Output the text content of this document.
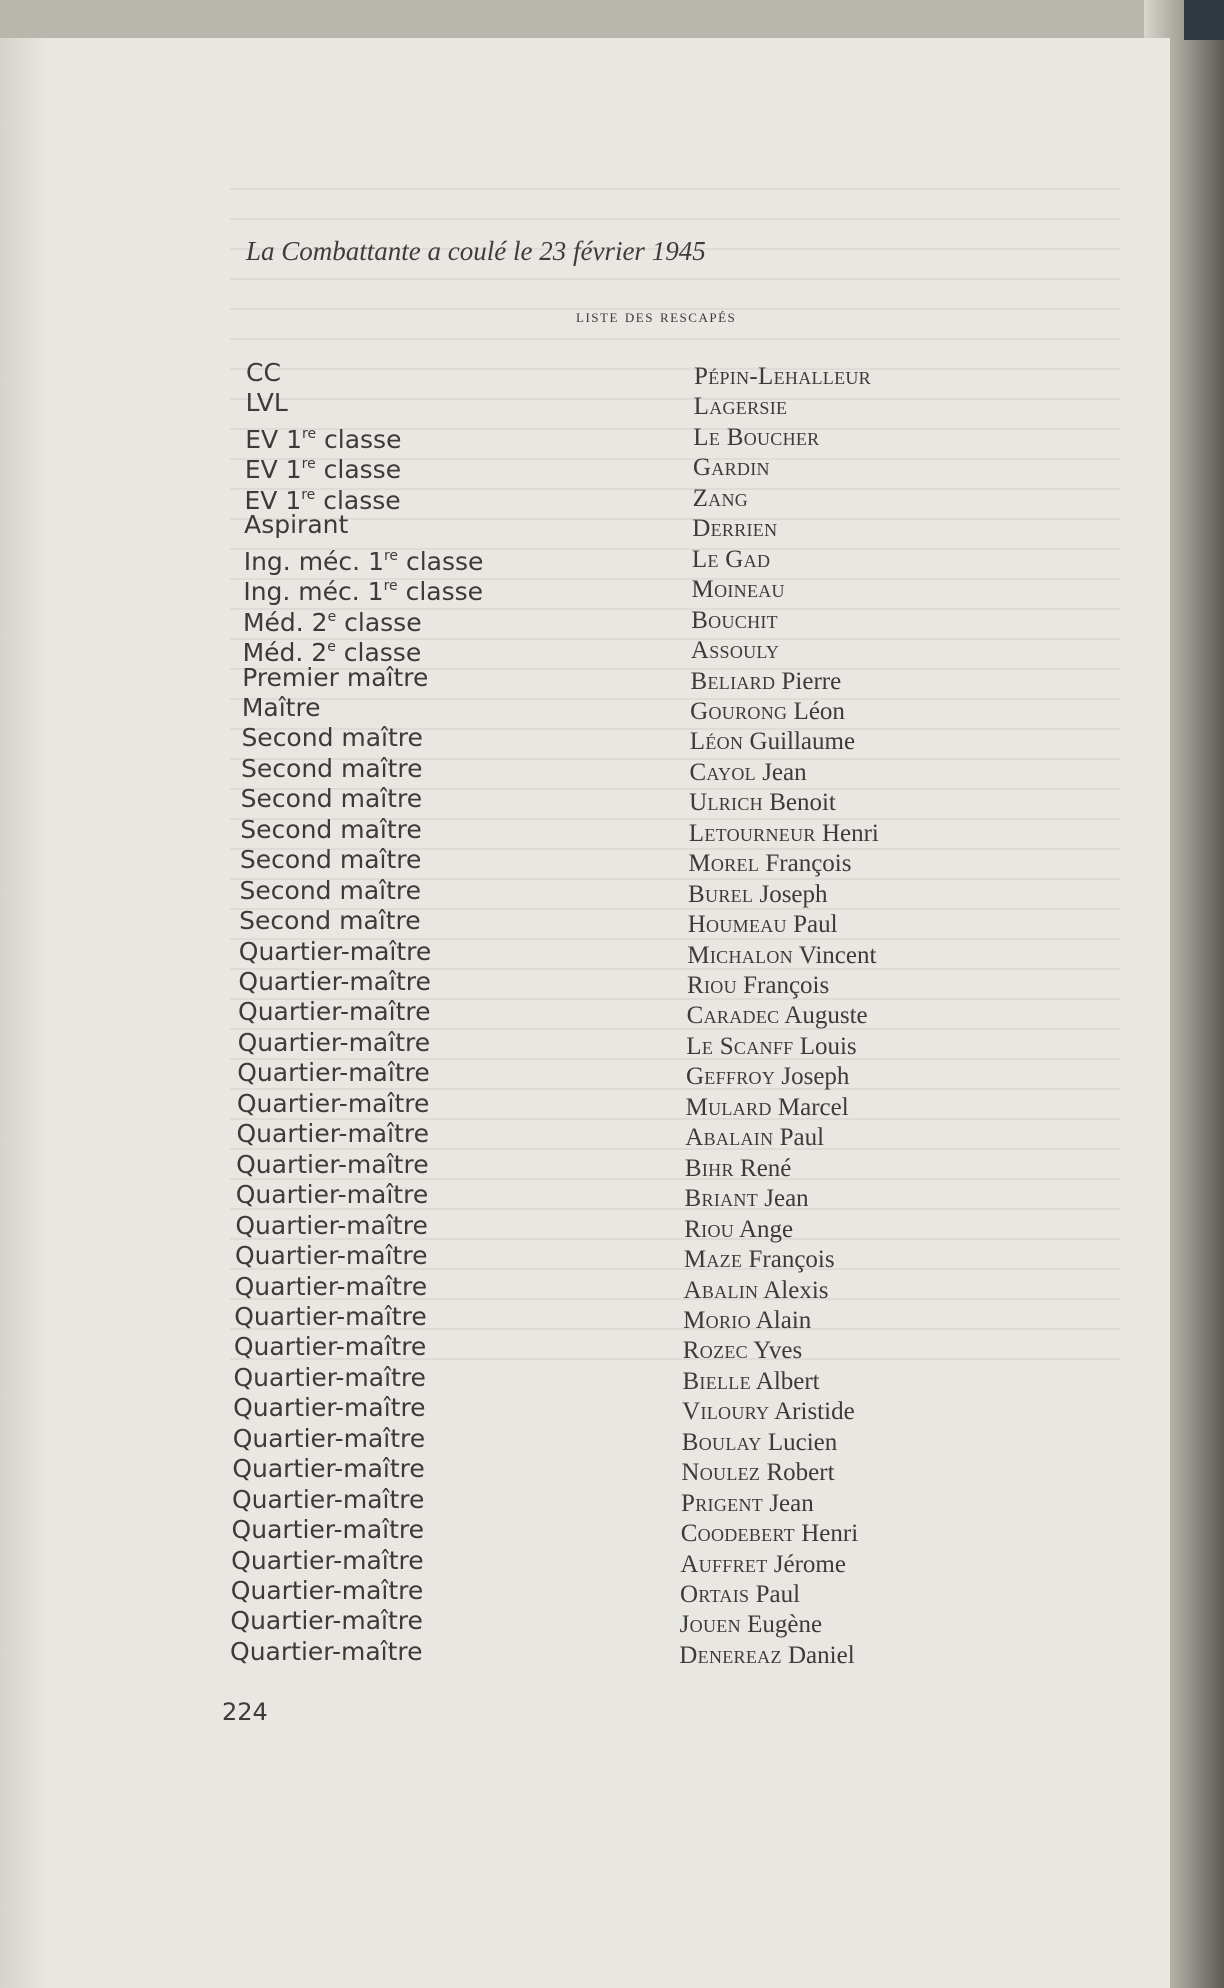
La Combattante a coulé le 23 février 1945
liste des rescapés
CC	Pépin-Lehalleur
LVL	Lagersie
EV 1re classe	Le Boucher
EV 1re classe	Gardin
EV 1re classe	Zang
Aspirant	Derrien
Ing. méc. 1re classe	Le Gad
Ing. méc. 1re classe	Moineau
Méd. 2e classe	Bouchit
Méd. 2e classe	Assouly
Premier maître	Beliard Pierre
Maître	Gourong Léon
Second maître	Léon Guillaume
Second maître	Cayol Jean
Second maître	Ulrich Benoit
Second maître	Letourneur Henri
Second maître	Morel François
Second maître	Burel Joseph
Second maître	Houmeau Paul
Quartier-maître	Michalon Vincent
Quartier-maître	Riou François
Quartier-maître	Caradec Auguste
Quartier-maître	Le Scanff Louis
Quartier-maître	Geffroy Joseph
Quartier-maître	Mulard Marcel
Quartier-maître	Abalain Paul
Quartier-maître	Bihr René
Quartier-maître	Briant Jean
Quartier-maître	Riou Ange
Quartier-maître	Maze François
Quartier-maître	Abalin Alexis
Quartier-maître	Morio Alain
Quartier-maître	Rozec Yves
Quartier-maître	Bielle Albert
Quartier-maître	Viloury Aristide
Quartier-maître	Boulay Lucien
Quartier-maître	Noulez Robert
Quartier-maître	Prigent Jean
Quartier-maître	Coodebert Henri
Quartier-maître	Auffret Jérome
Quartier-maître	Ortais Paul
Quartier-maître	Jouen Eugène
Quartier-maître	Denereaz Daniel
224
